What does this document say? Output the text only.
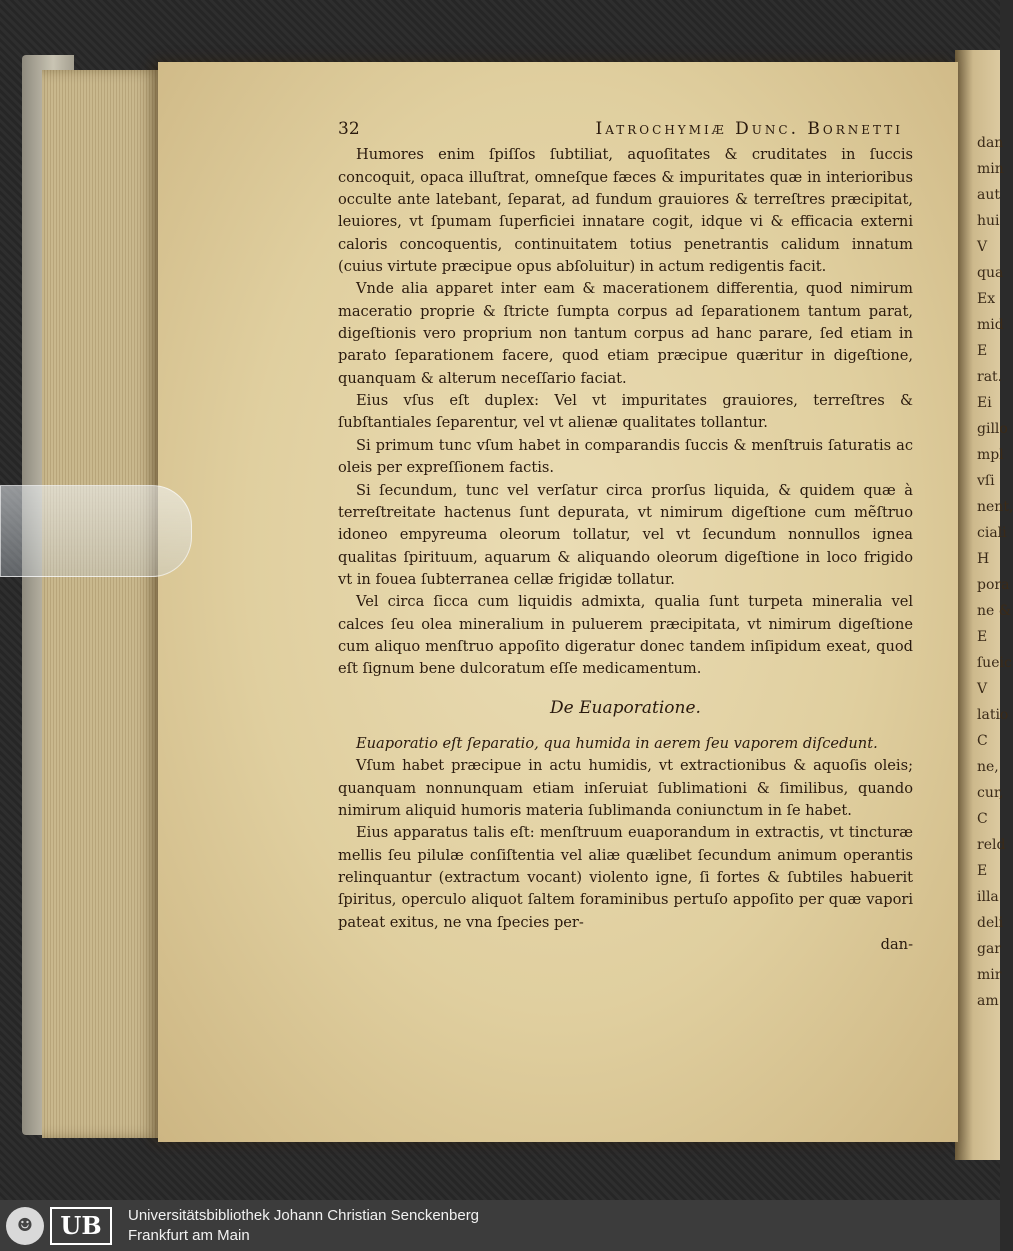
dan
min
aut
hui
V
qua
Ex
mid
E
rat.
Ei
gillo
mpl
vſi
nent,
ciali
H
pora
ne &
E
ſueic
V
latio
C
ne,
cur,
C
reld
E
illa
deli
gar
mir
am
32	Iatrochymiæ Dunc. Bornetti

Humores enim ſpiſſos ſubtiliat, aquoſitates & cruditates in ſuccis concoquit, opaca illuſtrat, omneſque fæces & impuritates quæ in interioribus occulte ante latebant, ſeparat, ad fundum grauiores & terreſtres præcipitat, leuiores, vt ſpumam ſuperficiei innatare cogit, idque vi & efficacia externi caloris concoquentis, continuitatem totius penetrantis calidum innatum (cuius virtute præcipue opus abſoluitur) in actum redigentis facit.

Vnde alia apparet inter eam & macerationem differentia, quod nimirum maceratio proprie & ſtricte ſumpta corpus ad ſeparationem tantum parat, digeſtionis vero proprium non tantum corpus ad hanc parare, ſed etiam in parato ſeparationem facere, quod etiam præcipue quæritur in digeſtione, quanquam & alterum neceſſario faciat.

Eius vſus eſt duplex: Vel vt impuritates grauiores, terreſtres & ſubſtantiales ſeparentur, vel vt alienæ qualitates tollantur.

Si primum tunc vſum habet in comparandis ſuccis & menſtruis ſaturatis ac oleis per expreſſionem factis.

Si ſecundum, tunc vel verſatur circa prorſus liquida, & quidem quæ à terreſtreitate hactenus ſunt depurata, vt nimirum digeſtione cum mẽſtruo idoneo empyreuma oleorum tollatur, vel vt ſecundum nonnullos ignea qualitas ſpirituum, aquarum & aliquando oleorum digeſtione in loco frigido vt in fouea ſubterranea cellæ frigidæ tollatur.

Vel circa ſicca cum liquidis admixta, qualia ſunt turpeta mineralia vel calces ſeu olea mineralium in puluerem præcipitata, vt nimirum digeſtione cum aliquo menſtruo appoſito digeratur donec tandem inſipidum exeat, quod eſt ſignum bene dulcoratum eſſe medicamentum.

De Euaporatione.

Euaporatio eſt ſeparatio, qua humida in aerem ſeu vaporem diſcedunt.

Vſum habet præcipue in actu humidis, vt extractionibus & aquoſis oleis; quanquam nonnunquam etiam inſeruiat ſublimationi & ſimilibus, quando nimirum aliquid humoris materia ſublimanda coniunctum in ſe habet.

Eius apparatus talis eſt: menſtruum euaporandum in extractis, vt tincturæ mellis ſeu pilulæ conſiſtentia vel aliæ quælibet ſecundum animum operantis relinquantur (extractum vocant) violento igne, ſi fortes & ſubtiles habuerit ſpiritus, operculo aliquot ſaltem foraminibus pertuſo appoſito per quæ vapori pateat exitus, ne vna ſpecies per-

dan-
☻	UB	Universitätsbibliothek Johann Christian Senckenberg
Frankfurt am Main
